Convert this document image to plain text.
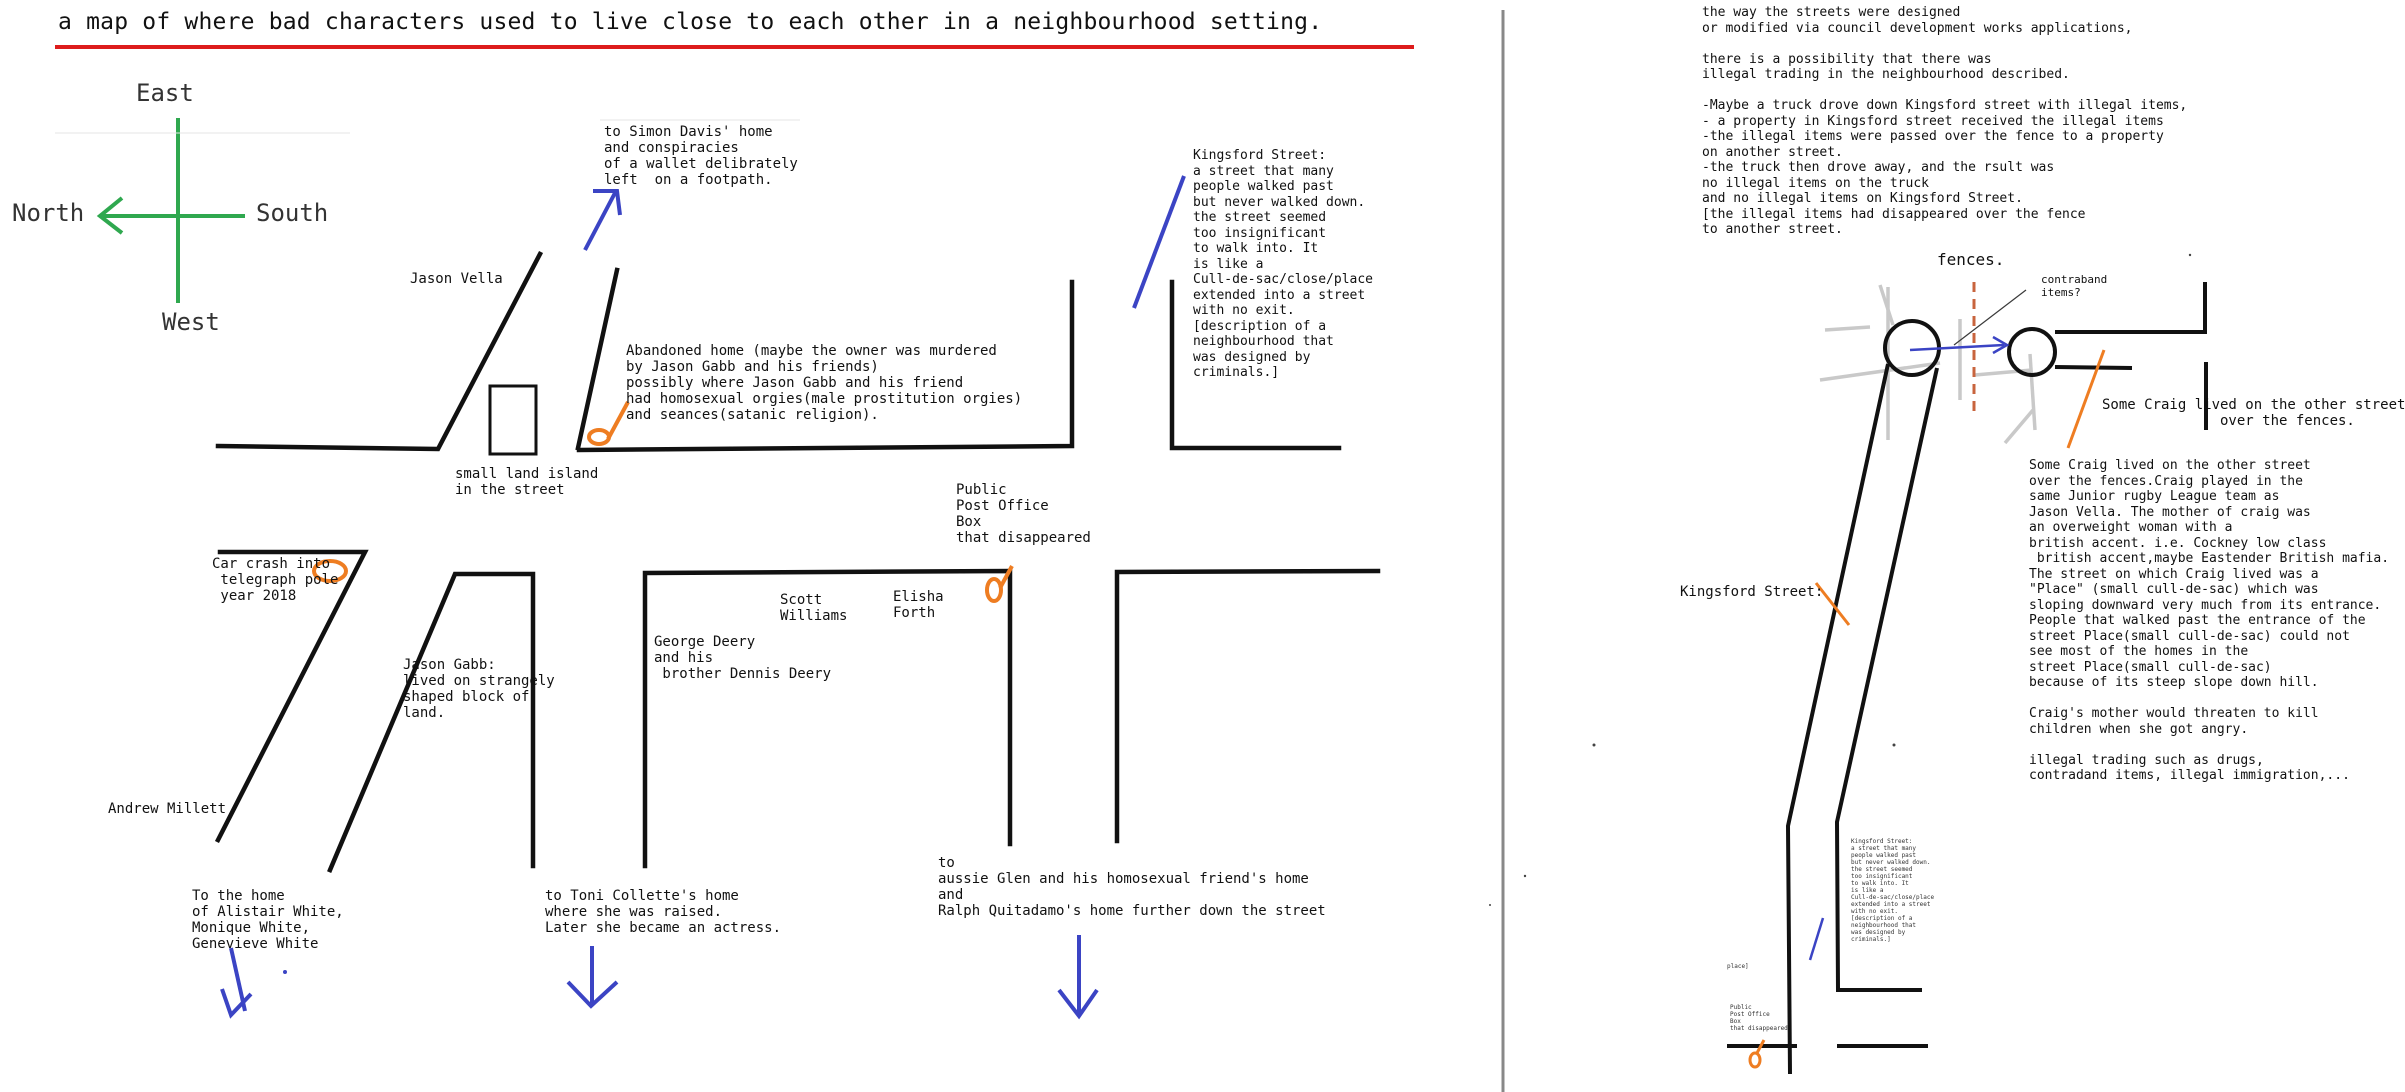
a map of where bad characters used to live close to each other in a neighbourhood setting.
East
North	South
West
to Simon Davis' home
and conspiracies
of a wallet delibrately
left  on a footpath.
Jason Vella
Abandoned home (maybe the owner was murdered
by Jason Gabb and his friends)
possibly where Jason Gabb and his friend
had homosexual orgies(male prostitution orgies)
and seances(satanic religion).
Kingsford Street:
a street that many
people walked past
but never walked down.
the street seemed
too insignificant
to walk into. It
is like a
Cull-de-sac/close/place
extended into a street
with no exit.
[description of a
neighbourhood that
was designed by
criminals.]
small land island
in the street	Public
Post Office
Box
that disappeared
Car crash into
telegraph pole
year 2018
Jason Gabb:
lived on strangely
shaped block of
land.
Scott
Williams
Elisha
Forth
George Deery
and his
brother Dennis Deery
Andrew Millett
To the home
of Alistair White,
Monique White,
Genevieve White
to Toni Collette's home
where she was raised.
Later she became an actress.
to
aussie Glen and his homosexual friend's home
and
Ralph Quitadamo's home further down the street
the way the streets were designed
or modified via council development works applications,

there is a possibility that there was
illegal trading in the neighbourhood described.

-Maybe a truck drove down Kingsford street with illegal items,
- a property in Kingsford street received the illegal items
-the illegal items were passed over the fence to a property
on another street.
-the truck then drove away, and the rsult was
no illegal items on the truck
and no illegal items on Kingsford Street.
[the illegal items had disappeared over the fence
to another street.
fences.
contraband
items?
Some Craig lived on the other street
over the fences.
Some Craig lived on the other street
over the fences.Craig played in the
same Junior rugby League team as
Jason Vella. The mother of craig was
an overweight woman with a
british accent. i.e. Cockney low class
british accent,maybe Eastender British mafia.
The street on which Craig lived was a
"Place" (small cull-de-sac) which was
sloping downward very much from its entrance.
People that walked past the entrance of the
street Place(small cull-de-sac) could not
see most of the homes in the
street Place(small cull-de-sac)
because of its steep slope down hill.

Craig's mother would threaten to kill
children when she got angry.

illegal trading such as drugs,
contradand items, illegal immigration,...
Kingsford Street:
Kingsford Street:
a street that many
people walked past
but never walked down.
the street seemed
too insignificant
to walk into. It
is like a
Cull-de-sac/close/place
extended into a street
with no exit.
[description of a
neighbourhood that
was designed by
criminals.]
place]
Public
Post Office
Box
that disappeared
